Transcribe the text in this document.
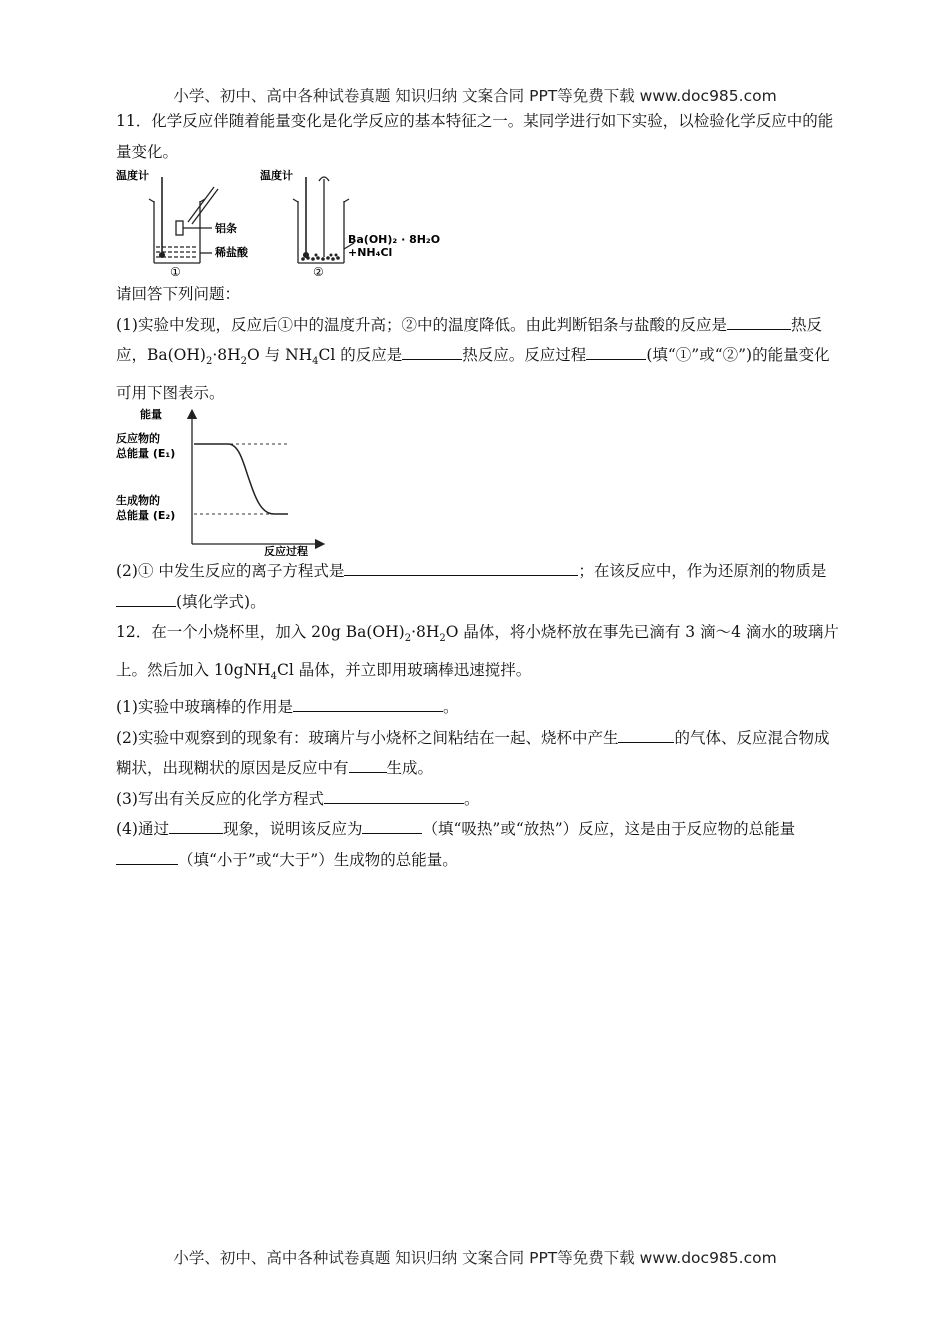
小学、初中、高中各种试卷真题 知识归纳 文案合同 PPT等免费下载 www.doc985.com

11．化学反应伴随着能量变化是化学反应的基本特征之一。某同学进行如下实验，以检验化学反应中的能量变化。

温度计
铝条
稀盐酸
①
温度计
Ba(OH)₂ · 8H₂O
+NH₄Cl
②

请回答下列问题：

(1)实验中发现，反应后①中的温度升高；②中的温度降低。由此判断铝条与盐酸的反应是	热反应，$Ba(OH)_2\cdot 8H_2O$ 与 $NH_4Cl$ 的反应是	热反应。反应过程	(填“①”或“②”)的能量变化可用下图表示。

能量
反应物的
总能量 (E₁)
生成物的
总能量 (E₂)
反应过程

(2)① 中发生反应的离子方程式是	；在该反应中，作为还原剂的物质是(填化学式)。

12．在一个小烧杯里，加入 20g $Ba(OH)_2\cdot 8H_2O$ 晶体，将小烧杯放在事先已滴有 3 滴～4 滴水的玻璃片上。然后加入 10gNH$_4$Cl 晶体，并立即用玻璃棒迅速搅拌。

(1)实验中玻璃棒的作用是	。

(2)实验中观察到的现象有：玻璃片与小烧杯之间粘结在一起、烧杯中产生	的气体、反应混合物成糊状，出现糊状的原因是反应中有 生成。

(3)写出有关反应的化学方程式	。

(4)通过	现象，说明该反应为	（填“吸热”或“放热”）反应，这是由于反应物的总能量（填“小于”或“大于”）生成物的总能量。

小学、初中、高中各种试卷真题 知识归纳 文案合同 PPT等免费下载 www.doc985.com
